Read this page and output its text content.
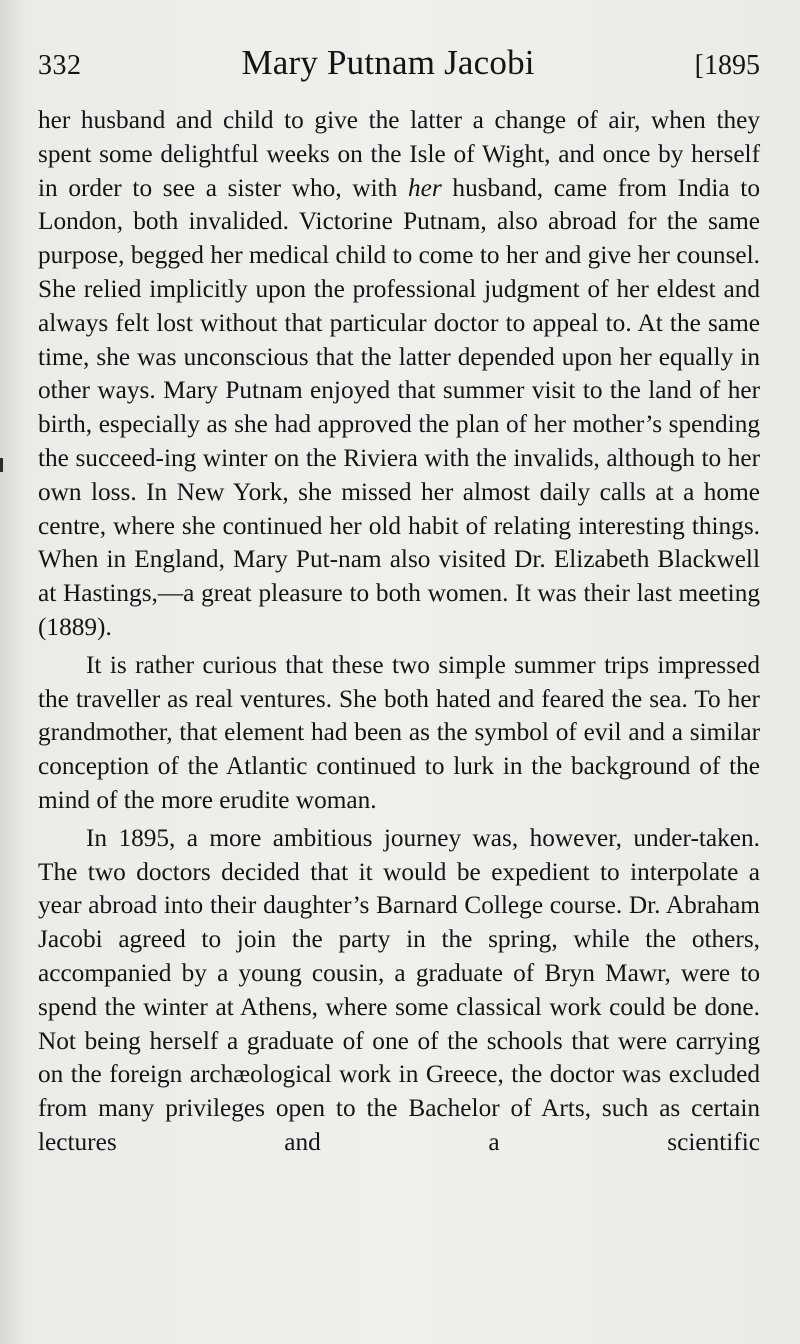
332	Mary Putnam Jacobi	[1895

her husband and child to give the latter a change of air, when they spent some delightful weeks on the Isle of Wight, and once by herself in order to see a sister who, with her husband, came from India to London, both invalided. Victorine Putnam, also abroad for the same purpose, begged her medical child to come to her and give her counsel. She relied implicitly upon the professional judgment of her eldest and always felt lost without that particular doctor to appeal to. At the same time, she was unconscious that the latter depended upon her equally in other ways. Mary Putnam enjoyed that summer visit to the land of her birth, especially as she had approved the plan of her mother’s spending the succeed-ing winter on the Riviera with the invalids, although to her own loss. In New York, she missed her almost daily calls at a home centre, where she continued her old habit of relating interesting things. When in England, Mary Put-nam also visited Dr. Elizabeth Blackwell at Hastings,—a great pleasure to both women. It was their last meeting (1889).

It is rather curious that these two simple summer trips impressed the traveller as real ventures. She both hated and feared the sea. To her grandmother, that element had been as the symbol of evil and a similar conception of the Atlantic continued to lurk in the background of the mind of the more erudite woman.

In 1895, a more ambitious journey was, however, under-taken. The two doctors decided that it would be expedient to interpolate a year abroad into their daughter’s Barnard College course. Dr. Abraham Jacobi agreed to join the party in the spring, while the others, accompanied by a young cousin, a graduate of Bryn Mawr, were to spend the winter at Athens, where some classical work could be done. Not being herself a graduate of one of the schools that were carrying on the foreign archæological work in Greece, the doctor was excluded from many privileges open to the Bachelor of Arts, such as certain lectures and a scientific
